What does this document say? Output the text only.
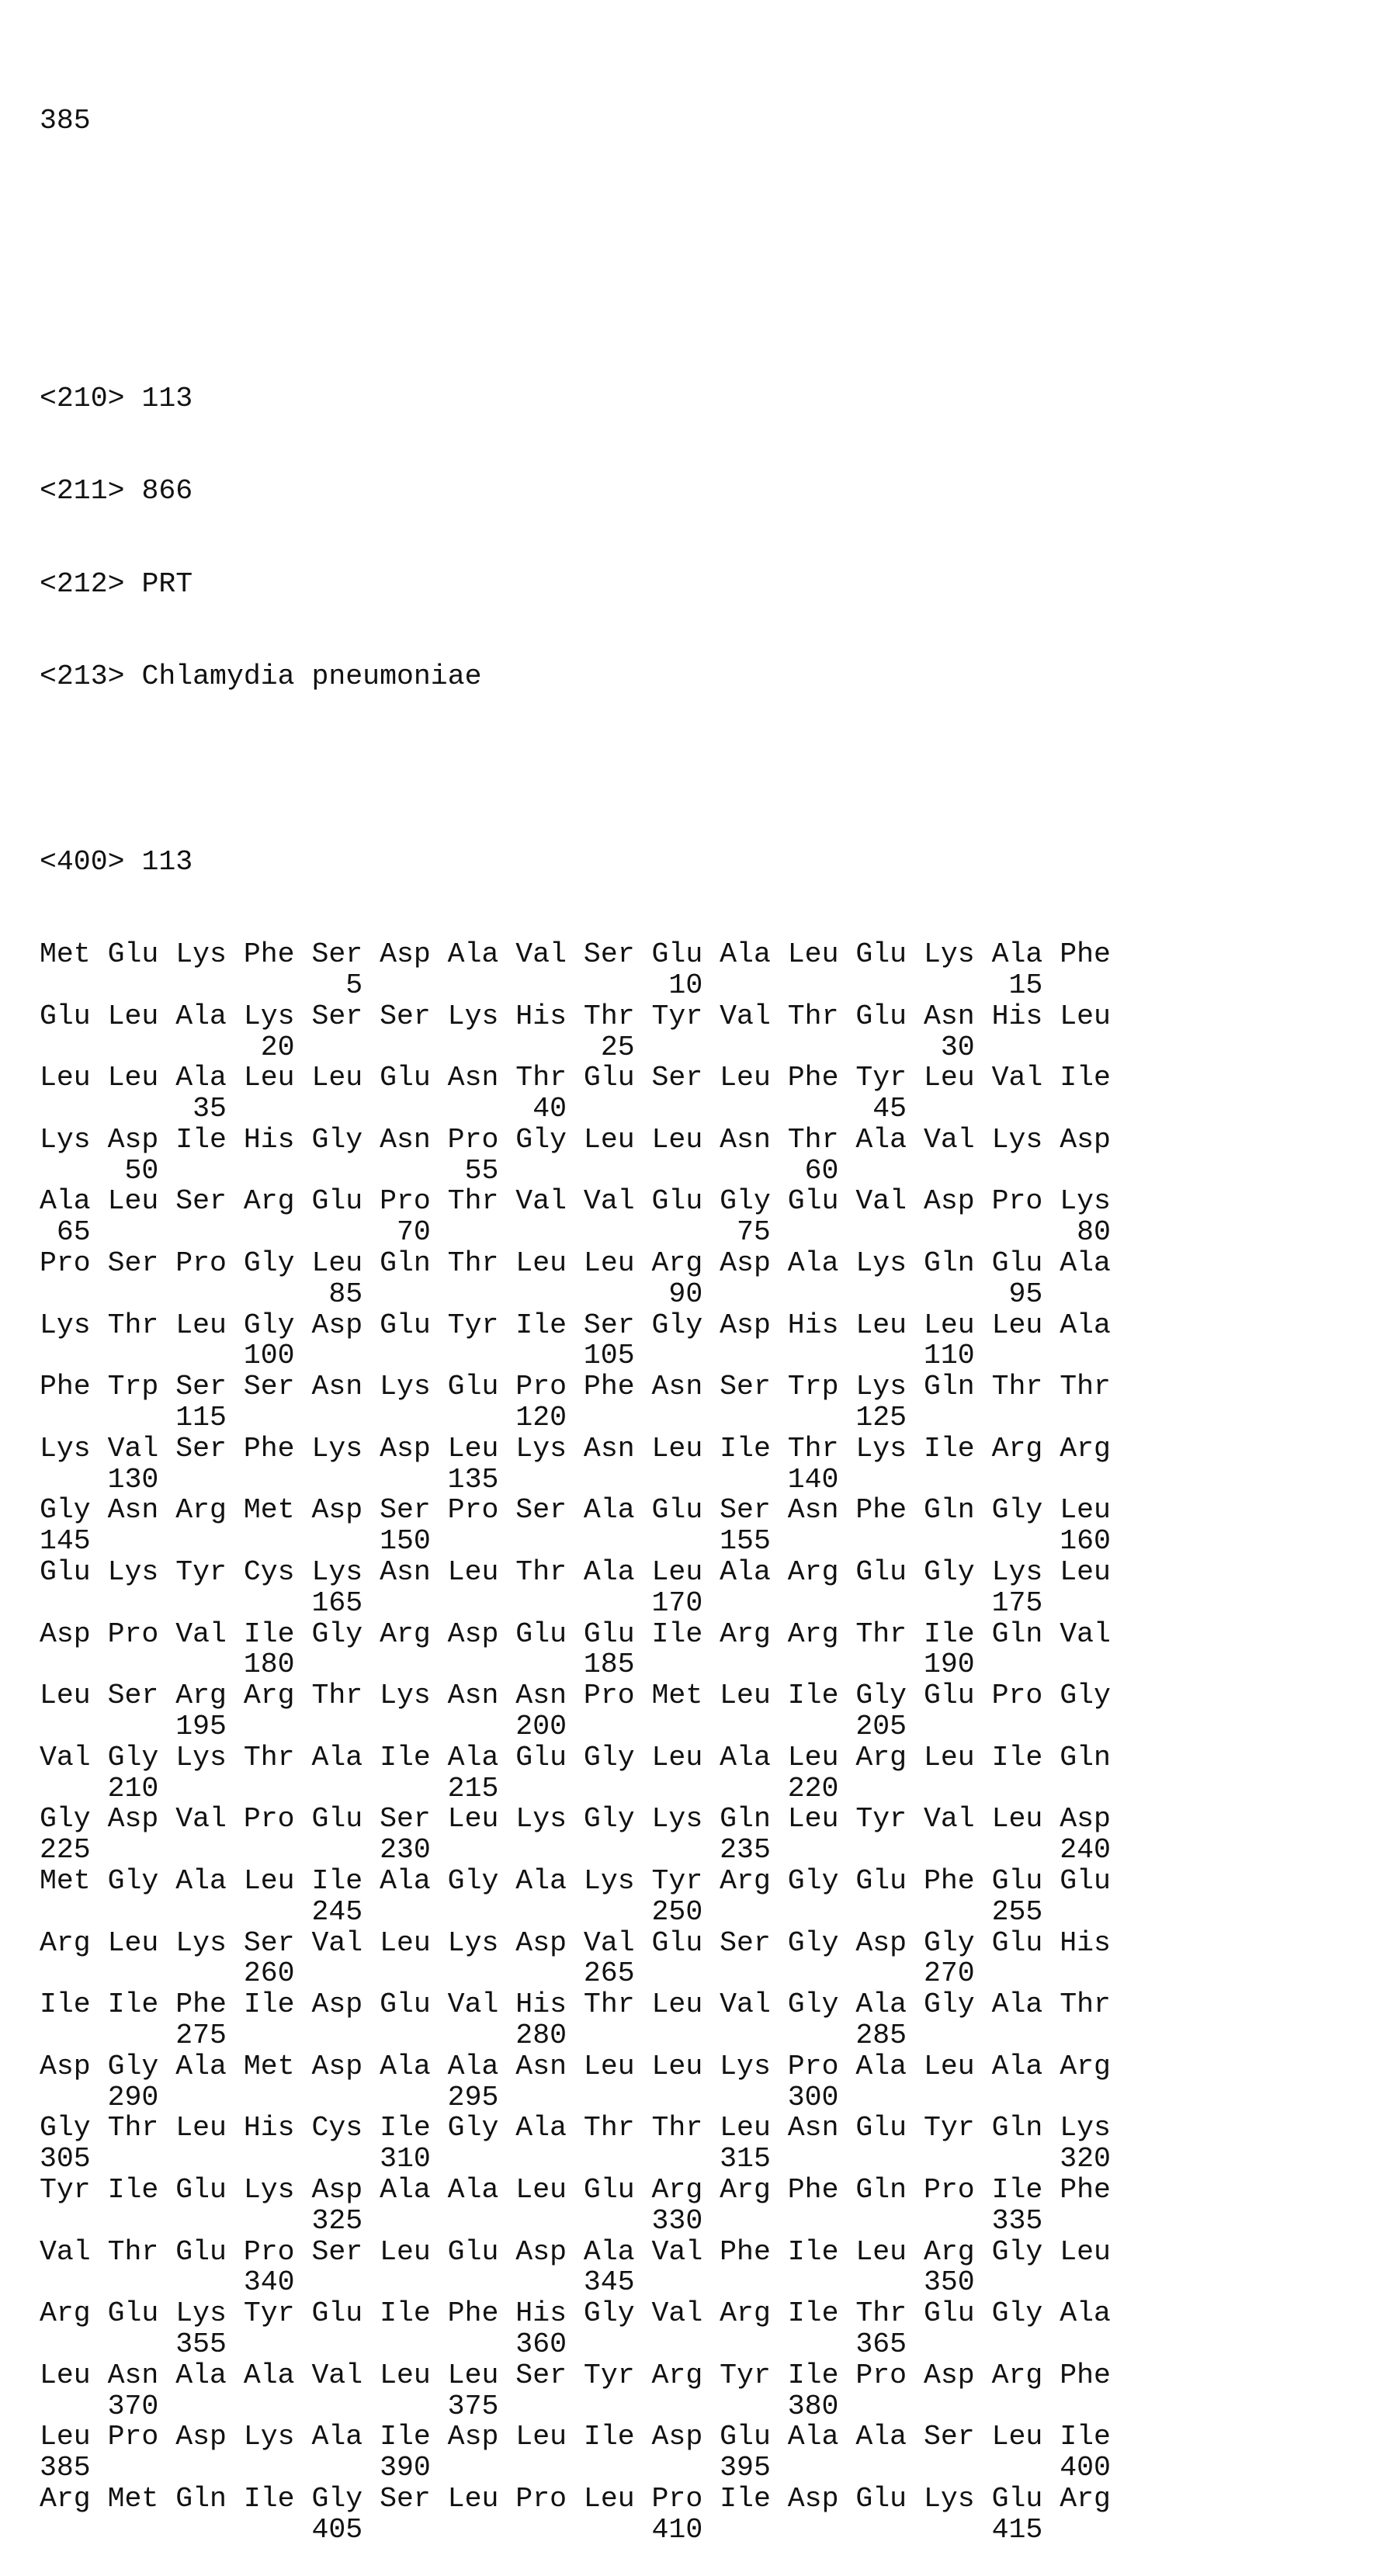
385

<210> 113

<211> 866

<212> PRT

<213> Chlamydia pneumoniae

<400> 113

Met Glu Lys Phe Ser Asp Ala Val Ser Glu Ala Leu Glu Lys Ala Phe
5	10	15
Glu Leu Ala Lys Ser Ser Lys His Thr Tyr Val Thr Glu Asn His Leu
20	25	30
Leu Leu Ala Leu Leu Glu Asn Thr Glu Ser Leu Phe Tyr Leu Val Ile
35	40	45
Lys Asp Ile His Gly Asn Pro Gly Leu Leu Asn Thr Ala Val Lys Asp
50	55	60
Ala Leu Ser Arg Glu Pro Thr Val Val Glu Gly Glu Val Asp Pro Lys
65	70	75	80
Pro Ser Pro Gly Leu Gln Thr Leu Leu Arg Asp Ala Lys Gln Glu Ala
85	90	95
Lys Thr Leu Gly Asp Glu Tyr Ile Ser Gly Asp His Leu Leu Leu Ala
100	105	110
Phe Trp Ser Ser Asn Lys Glu Pro Phe Asn Ser Trp Lys Gln Thr Thr
115	120	125
Lys Val Ser Phe Lys Asp Leu Lys Asn Leu Ile Thr Lys Ile Arg Arg
130	135	140
Gly Asn Arg Met Asp Ser Pro Ser Ala Glu Ser Asn Phe Gln Gly Leu
145	150	155	160
Glu Lys Tyr Cys Lys Asn Leu Thr Ala Leu Ala Arg Glu Gly Lys Leu
165	170	175
Asp Pro Val Ile Gly Arg Asp Glu Glu Ile Arg Arg Thr Ile Gln Val
180	185	190
Leu Ser Arg Arg Thr Lys Asn Asn Pro Met Leu Ile Gly Glu Pro Gly
195	200	205
Val Gly Lys Thr Ala Ile Ala Glu Gly Leu Ala Leu Arg Leu Ile Gln
210	215	220
Gly Asp Val Pro Glu Ser Leu Lys Gly Lys Gln Leu Tyr Val Leu Asp
225	230	235	240
Met Gly Ala Leu Ile Ala Gly Ala Lys Tyr Arg Gly Glu Phe Glu Glu
245	250	255
Arg Leu Lys Ser Val Leu Lys Asp Val Glu Ser Gly Asp Gly Glu His
260	265	270
Ile Ile Phe Ile Asp Glu Val His Thr Leu Val Gly Ala Gly Ala Thr
275	280	285
Asp Gly Ala Met Asp Ala Ala Asn Leu Leu Lys Pro Ala Leu Ala Arg
290	295	300
Gly Thr Leu His Cys Ile Gly Ala Thr Thr Leu Asn Glu Tyr Gln Lys
305	310	315	320
Tyr Ile Glu Lys Asp Ala Ala Leu Glu Arg Arg Phe Gln Pro Ile Phe
325	330	335
Val Thr Glu Pro Ser Leu Glu Asp Ala Val Phe Ile Leu Arg Gly Leu
340	345	350
Arg Glu Lys Tyr Glu Ile Phe His Gly Val Arg Ile Thr Glu Gly Ala
355	360	365
Leu Asn Ala Ala Val Leu Leu Ser Tyr Arg Tyr Ile Pro Asp Arg Phe
370	375	380
Leu Pro Asp Lys Ala Ile Asp Leu Ile Asp Glu Ala Ala Ser Leu Ile
385	390	395	400
Arg Met Gln Ile Gly Ser Leu Pro Leu Pro Ile Asp Glu Lys Glu Arg
405	410	415
